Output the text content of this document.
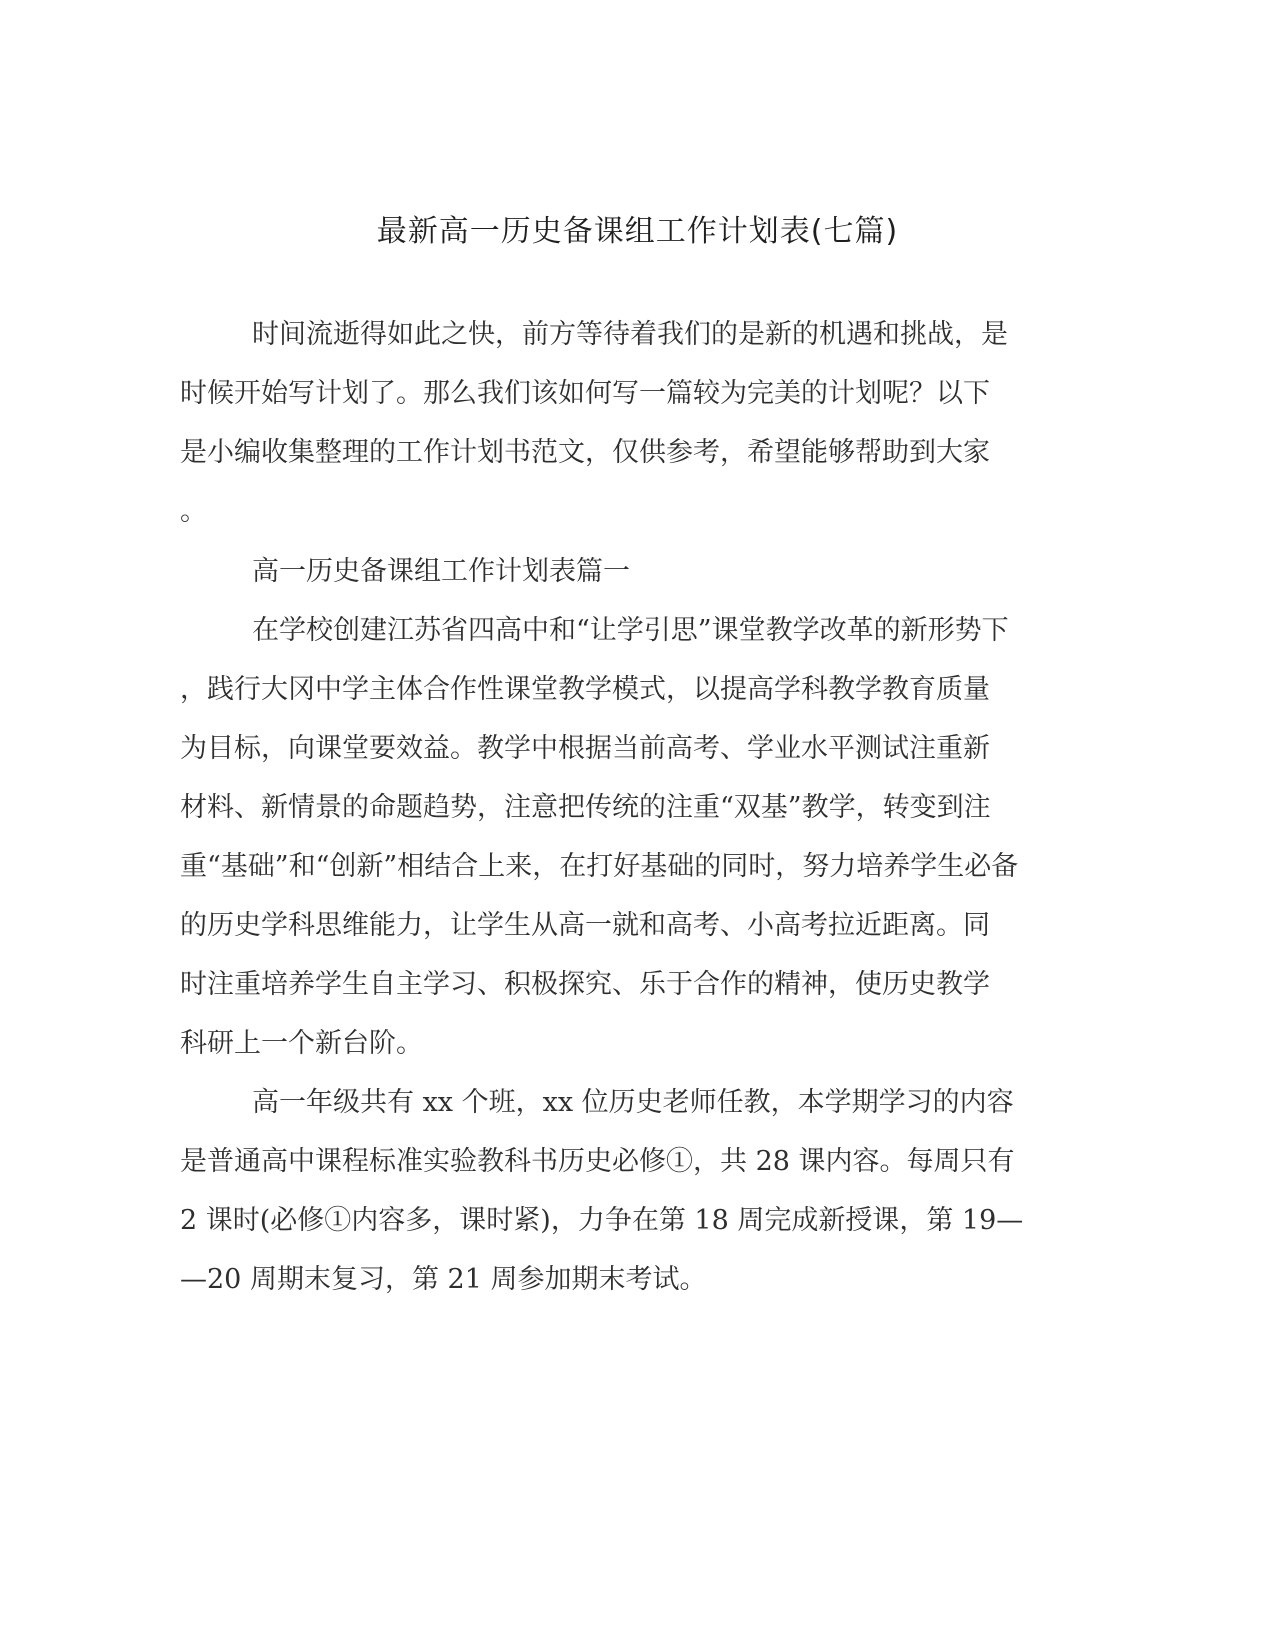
最新高一历史备课组工作计划表(七篇)
时间流逝得如此之快，前方等待着我们的是新的机遇和挑战，是
时候开始写计划了。那么我们该如何写一篇较为完美的计划呢？以下
是小编收集整理的工作计划书范文，仅供参考，希望能够帮助到大家
。
高一历史备课组工作计划表篇一
在学校创建江苏省四高中和“让学引思”课堂教学改革的新形势下
，践行大冈中学主体合作性课堂教学模式，以提高学科教学教育质量
为目标，向课堂要效益。教学中根据当前高考、学业水平测试注重新
材料、新情景的命题趋势，注意把传统的注重“双基”教学，转变到注
重“基础”和“创新”相结合上来，在打好基础的同时，努力培养学生必备
的历史学科思维能力，让学生从高一就和高考、小高考拉近距离。同
时注重培养学生自主学习、积极探究、乐于合作的精神，使历史教学
科研上一个新台阶。
高一年级共有 xx 个班，xx 位历史老师任教，本学期学习的内容
是普通高中课程标准实验教科书历史必修①，共 28 课内容。每周只有
2 课时(必修①内容多，课时紧)，力争在第 18 周完成新授课，第 19—
—20 周期末复习，第 21 周参加期末考试。
